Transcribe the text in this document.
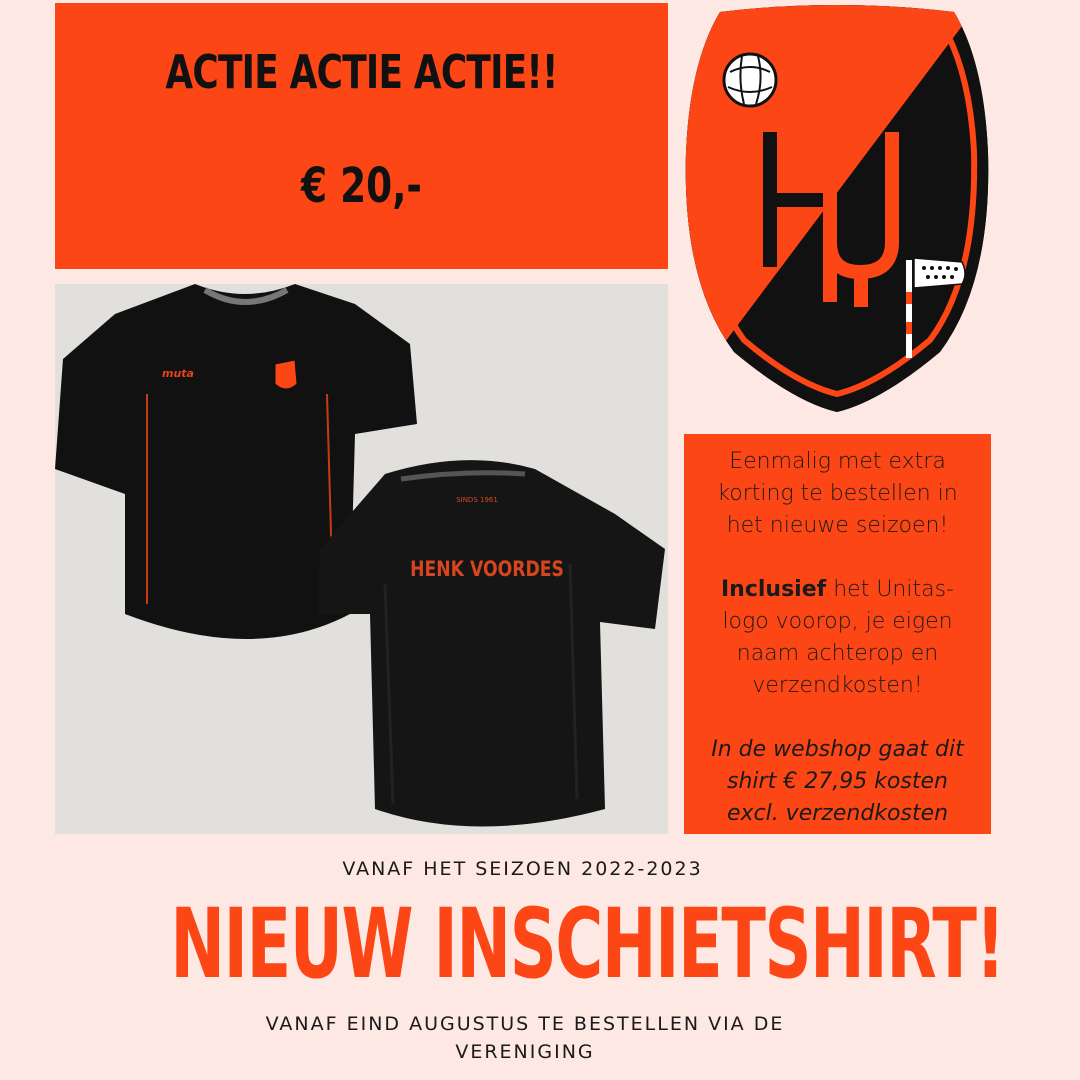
ACTIE ACTIE ACTIE!!
€ 20,-
muta
SINDS 1961
HENK VOORDES

Eenmalig met extra korting te bestellen in het nieuwe seizoen!

Inclusief het Unitas-logo voorop, je eigen naam achterop en verzendkosten!

In de webshop gaat dit shirt € 27,95 kosten excl. verzendkosten

VANAF HET SEIZOEN 2022-2023
NIEUW INSCHIETSHIRT!
VANAF EIND AUGUSTUS TE BESTELLEN VIA DE VERENIGING
